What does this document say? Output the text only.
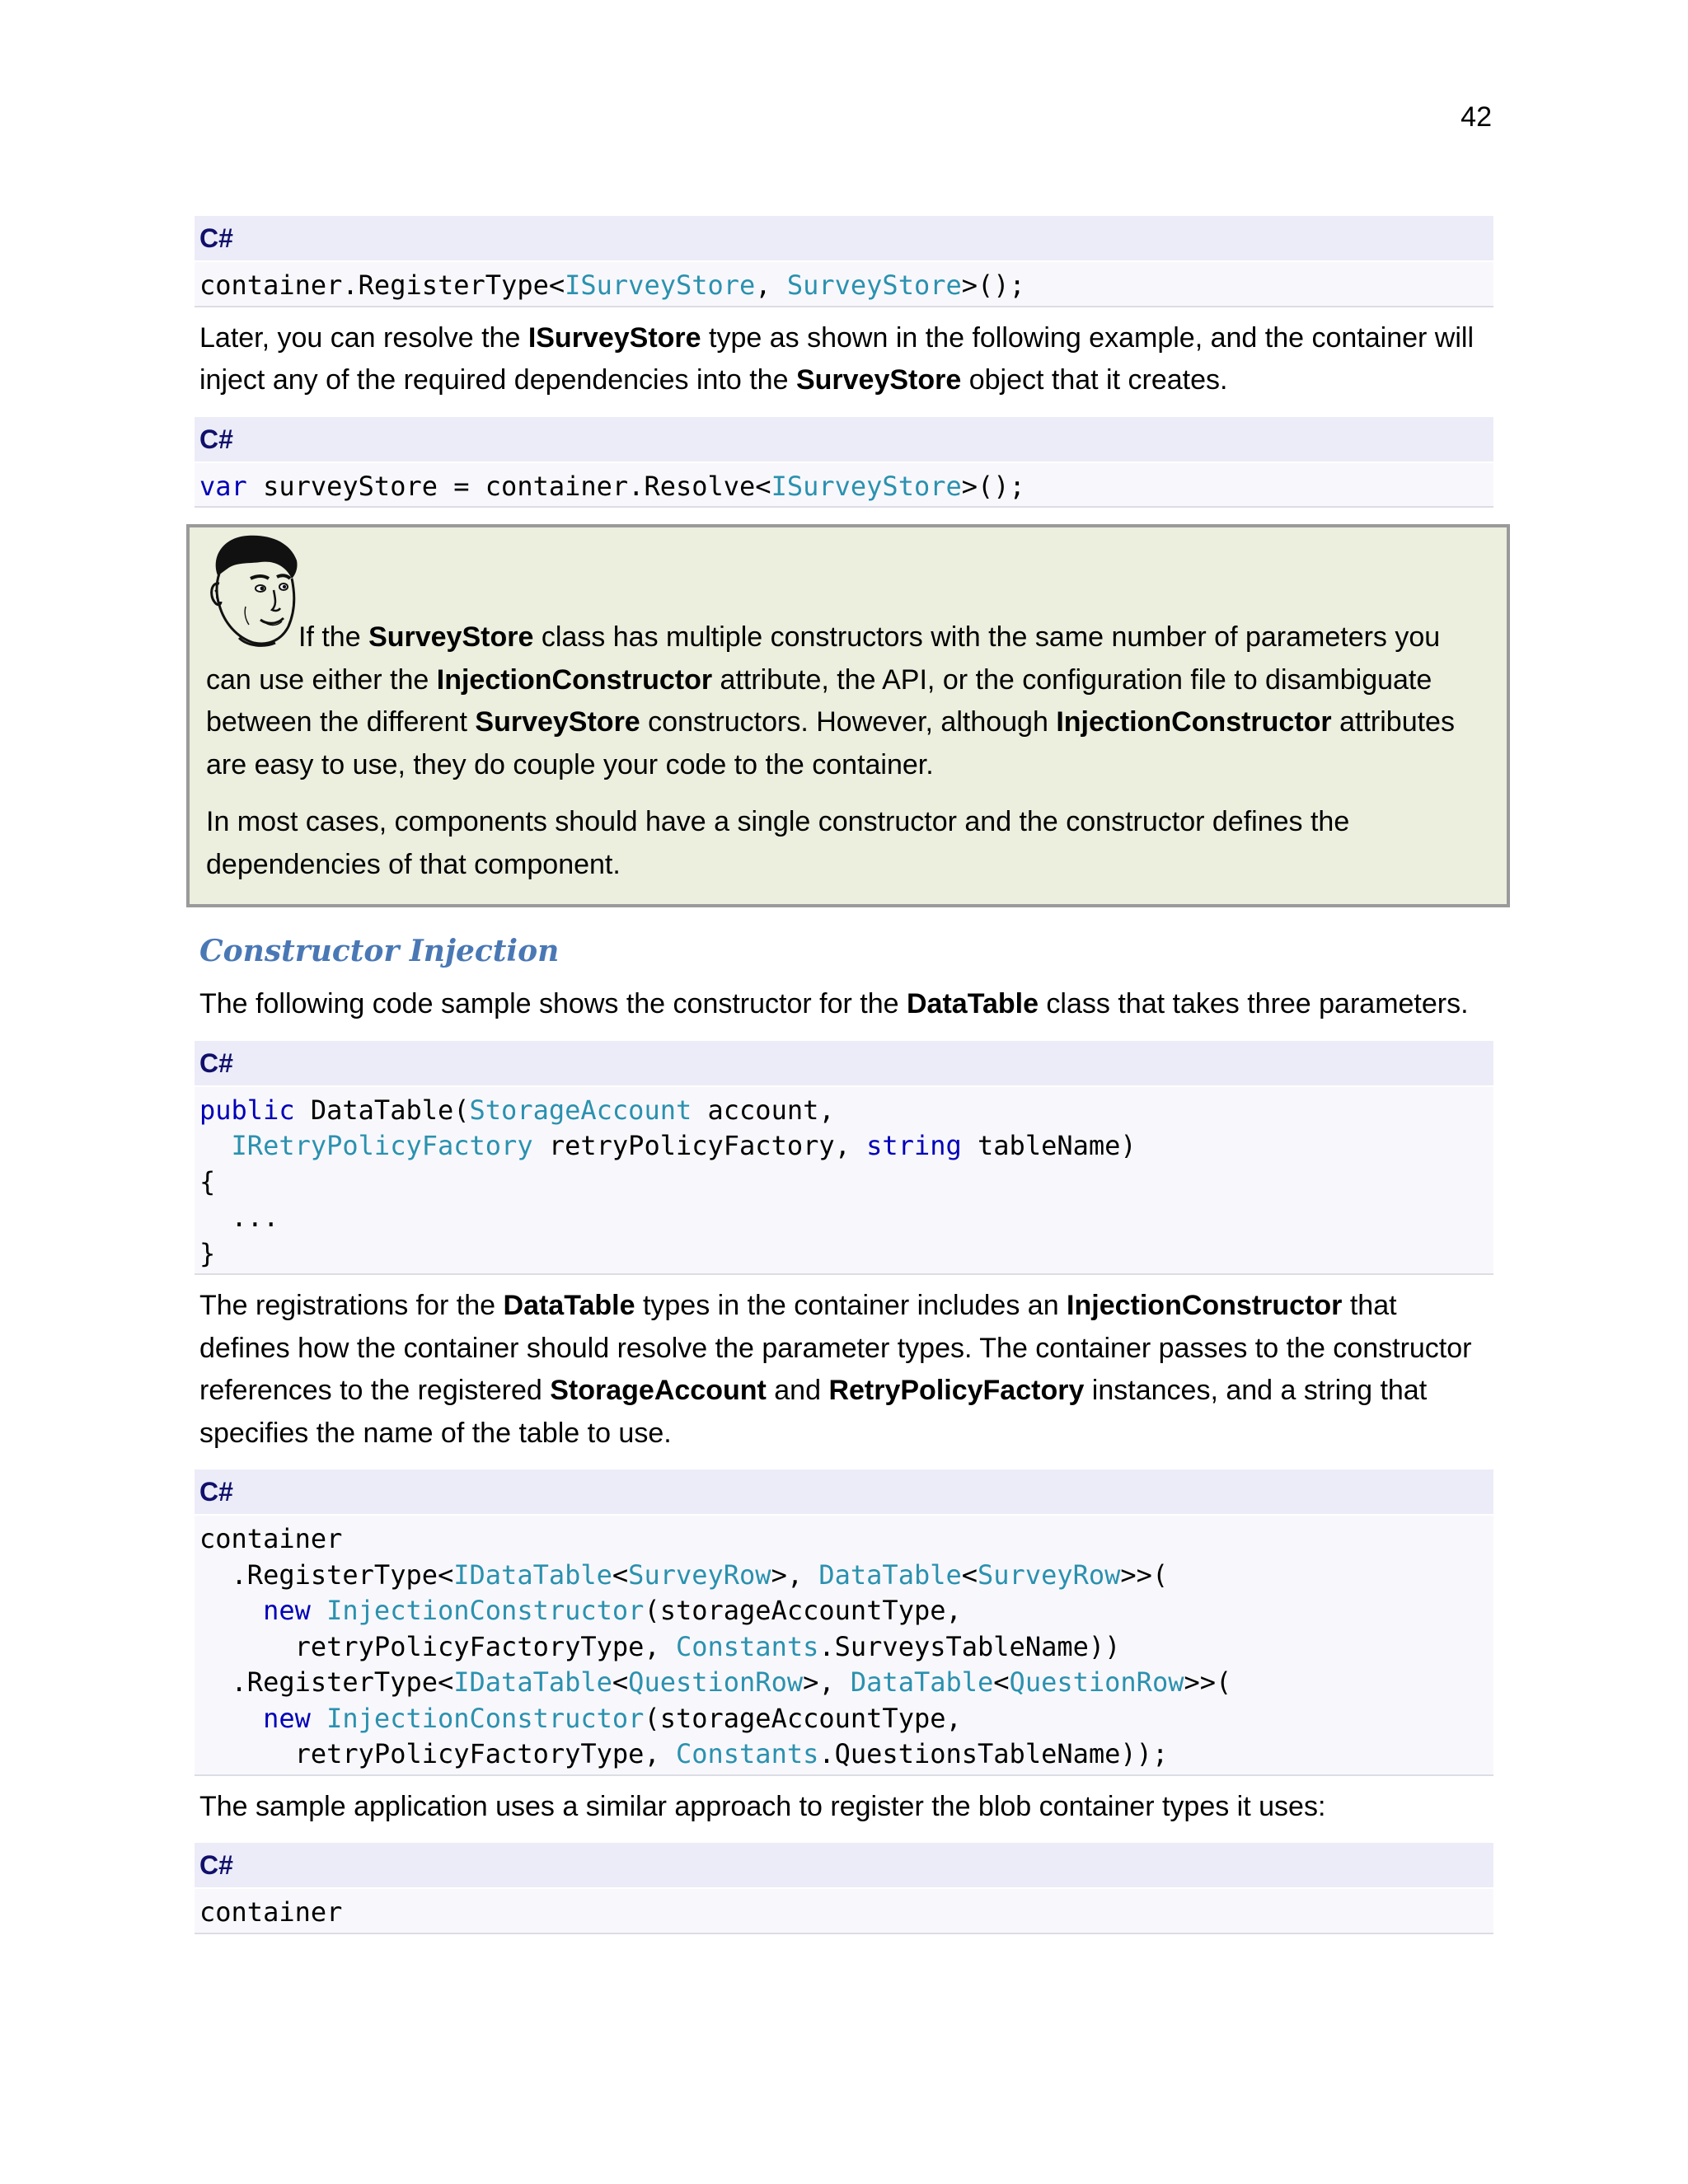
42
C#
container.RegisterType<ISurveyStore, SurveyStore>();

Later, you can resolve the ISurveyStore type as shown in the following example, and the container will inject any of the required dependencies into the SurveyStore object that it creates.

C#
var surveyStore = container.Resolve<ISurveyStore>();

If the SurveyStore class has multiple constructors with the same number of parameters you can use either the InjectionConstructor attribute, the API, or the configuration file to disambiguate between the different SurveyStore constructors. However, although InjectionConstructor attributes are easy to use, they do couple your code to the container.

In most cases, components should have a single constructor and the constructor defines the dependencies of that component.

Constructor Injection

The following code sample shows the constructor for the DataTable class that takes three parameters.

C#
public DataTable(StorageAccount account,
IRetryPolicyFactory retryPolicyFactory, string tableName)
{
...
}

The registrations for the DataTable types in the container includes an InjectionConstructor that defines how the container should resolve the parameter types. The container passes to the constructor references to the registered StorageAccount and RetryPolicyFactory instances, and a string that specifies the name of the table to use.

C#
container
.RegisterType<IDataTable<SurveyRow>, DataTable<SurveyRow>>(
new InjectionConstructor(storageAccountType,
retryPolicyFactoryType, Constants.SurveysTableName))
.RegisterType<IDataTable<QuestionRow>, DataTable<QuestionRow>>(
new InjectionConstructor(storageAccountType,
retryPolicyFactoryType, Constants.QuestionsTableName));

The sample application uses a similar approach to register the blob container types it uses:

C#
container
